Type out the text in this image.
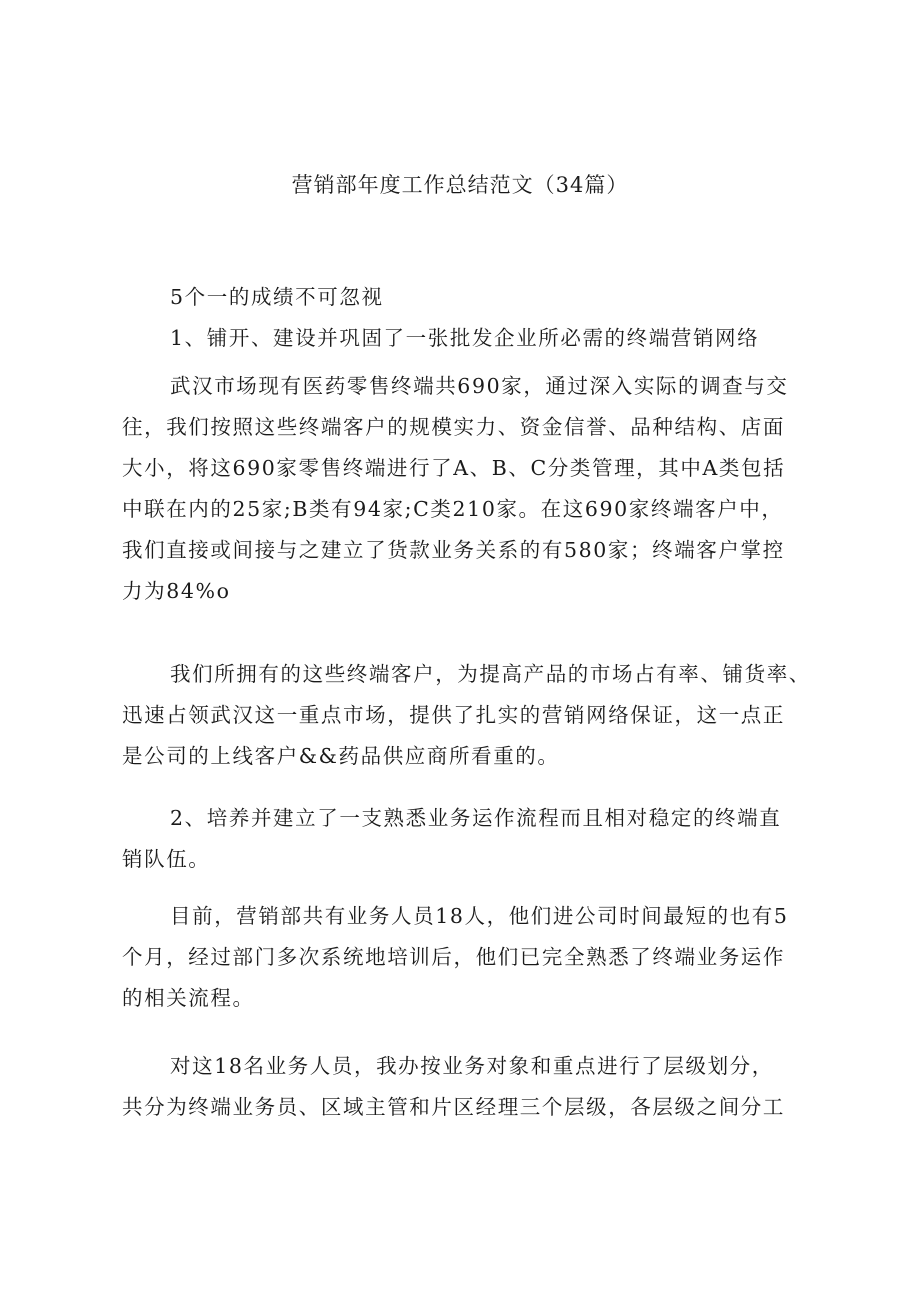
营销部年度工作总结范文（34篇）
5个一的成绩不可忽视
1、铺开、建设并巩固了一张批发企业所必需的终端营销网络
武汉市场现有医药零售终端共690家，通过深入实际的调查与交
往，我们按照这些终端客户的规模实力、资金信誉、品种结构、店面
大小，将这690家零售终端进行了A、B、C分类管理，其中A类包括
中联在内的25家;B类有94家;C类210家。在这690家终端客户中，
我们直接或间接与之建立了货款业务关系的有580家；终端客户掌控
力为84%o
我们所拥有的这些终端客户，为提高产品的市场占有率、铺货率、
迅速占领武汉这一重点市场，提供了扎实的营销网络保证，这一点正
是公司的上线客户&&药品供应商所看重的。
2、培养并建立了一支熟悉业务运作流程而且相对稳定的终端直
销队伍。
目前，营销部共有业务人员18人，他们进公司时间最短的也有5
个月，经过部门多次系统地培训后，他们已完全熟悉了终端业务运作
的相关流程。
对这18名业务人员，我办按业务对象和重点进行了层级划分，
共分为终端业务员、区域主管和片区经理三个层级，各层级之间分工
